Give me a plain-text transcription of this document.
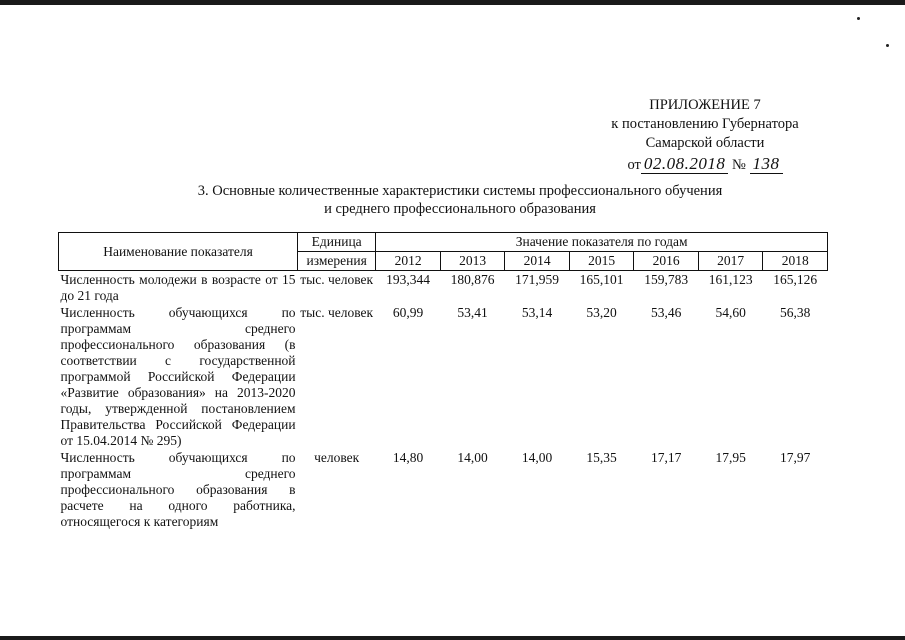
ПРИЛОЖЕНИЕ 7
к постановлению Губернатора
Самарской области
от 02.08.2018 № 138
3. Основные количественные характеристики системы профессионального обучения
и среднего профессионального образования
Наименование показателя	Единица	Значение показателя по годам						
	измерения	2012	2013	2014	2015	2016	2017	2018
Численность молодежи в возрасте от 15 до 21 года	тыс. человек	193,344	180,876	171,959	165,101	159,783	161,123	165,126
Численность обучающихся по программам среднего профессионального образования (в соответствии с государственной программой Российской Федерации «Развитие образования» на 2013-2020 годы, утвержденной постановлением Правительства Российской Федерации от 15.04.2014 № 295)	тыс. человек	60,99	53,41	53,14	53,20	53,46	54,60	56,38
Численность обучающихся по программам среднего профессионального образования в расчете на одного работника, относящегося к категориям	человек	14,80	14,00	14,00	15,35	17,17	17,95	17,97
